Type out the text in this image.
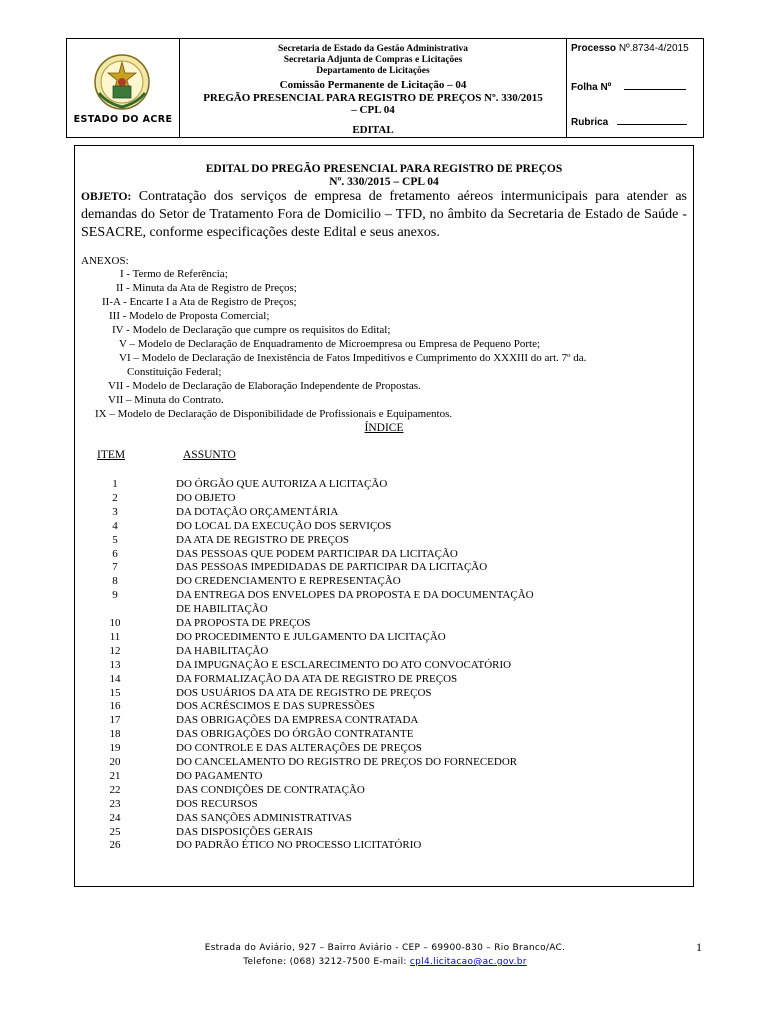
ESTADO DO ACRE
Secretaria de Estado da Gestão Administrativa
Secretaria Adjunta de Compras e Licitações
Departamento de Licitações
Comissão Permanente de Licitação – 04
PREGÃO PRESENCIAL PARA REGISTRO DE PREÇOS Nº. 330/2015
– CPL 04
EDITAL
Processo Nº.8734-4/2015
Folha Nº
Rubrica
EDITAL DO PREGÃO PRESENCIAL PARA REGISTRO DE PREÇOS
Nº. 330/2015 – CPL 04
OBJETO: Contratação dos serviços de empresa de fretamento aéreos intermunicipais para atender as demandas do Setor de Tratamento Fora de Domicilio – TFD, no âmbito da Secretaria de Estado de Saúde - SESACRE, conforme especificações deste Edital e seus anexos.
ANEXOS:
I - Termo de Referência;
II - Minuta da Ata de Registro de Preços;
II-A - Encarte I a Ata de Registro de Preços;
III - Modelo de Proposta Comercial;
IV - Modelo de Declaração que cumpre os requisitos do Edital;
V – Modelo de Declaração de Enquadramento de Microempresa ou Empresa de Pequeno Porte;
VI – Modelo de Declaração de Inexistência de Fatos Impeditivos e Cumprimento do XXXIII do art. 7º da.
Constituição Federal;
VII - Modelo de Declaração de Elaboração Independente de Propostas.
VII – Minuta do Contrato.
IX – Modelo de Declaração de Disponibilidade de Profissionais e Equipamentos.
ÍNDICE
ITEM	ASSUNTO
1	DO ÓRGÃO QUE AUTORIZA A LICITAÇÃO
2	DO OBJETO
3	DA DOTAÇÃO ORÇAMENTÁRIA
4	DO LOCAL DA EXECUÇÃO DOS SERVIÇOS
5	DA ATA DE REGISTRO DE PREÇOS
6	DAS PESSOAS QUE PODEM PARTICIPAR DA LICITAÇÃO
7	DAS PESSOAS IMPEDIDADAS DE PARTICIPAR DA LICITAÇÃO
8	DO CREDENCIAMENTO E REPRESENTAÇÃO
9	DA ENTREGA DOS ENVELOPES DA PROPOSTA E DA DOCUMENTAÇÃO
DE HABILITAÇÃO
10	DA PROPOSTA DE PREÇOS
11	DO PROCEDIMENTO E JULGAMENTO DA LICITAÇÃO
12	DA HABILITAÇÃO
13	DA IMPUGNAÇÃO E ESCLARECIMENTO DO ATO CONVOCATÓRIO
14	DA FORMALIZAÇÃO DA ATA DE REGISTRO DE PREÇOS
15	DOS USUÁRIOS DA ATA DE REGISTRO DE PREÇOS
16	DOS ACRÉSCIMOS E DAS SUPRESSÕES
17	DAS OBRIGAÇÕES DA EMPRESA CONTRATADA
18	DAS OBRIGAÇÕES DO ÓRGÃO CONTRATANTE
19	DO CONTROLE E DAS ALTERAÇÕES DE PREÇOS
20	DO CANCELAMENTO DO REGISTRO DE PREÇOS DO FORNECEDOR
21	DO PAGAMENTO
22	DAS CONDIÇÕES DE CONTRATAÇÃO
23	DOS RECURSOS
24	DAS SANÇÕES ADMINISTRATIVAS
25	DAS DISPOSIÇÕES GERAIS
26	DO PADRÃO ÉTICO NO PROCESSO LICITATÓRIO
Estrada do Aviário, 927 – Bairro Aviário - CEP – 69900-830 – Rio Branco/AC.
Telefone: (068) 3212-7500 E-mail: cpl4.licitacao@ac.gov.br
1
